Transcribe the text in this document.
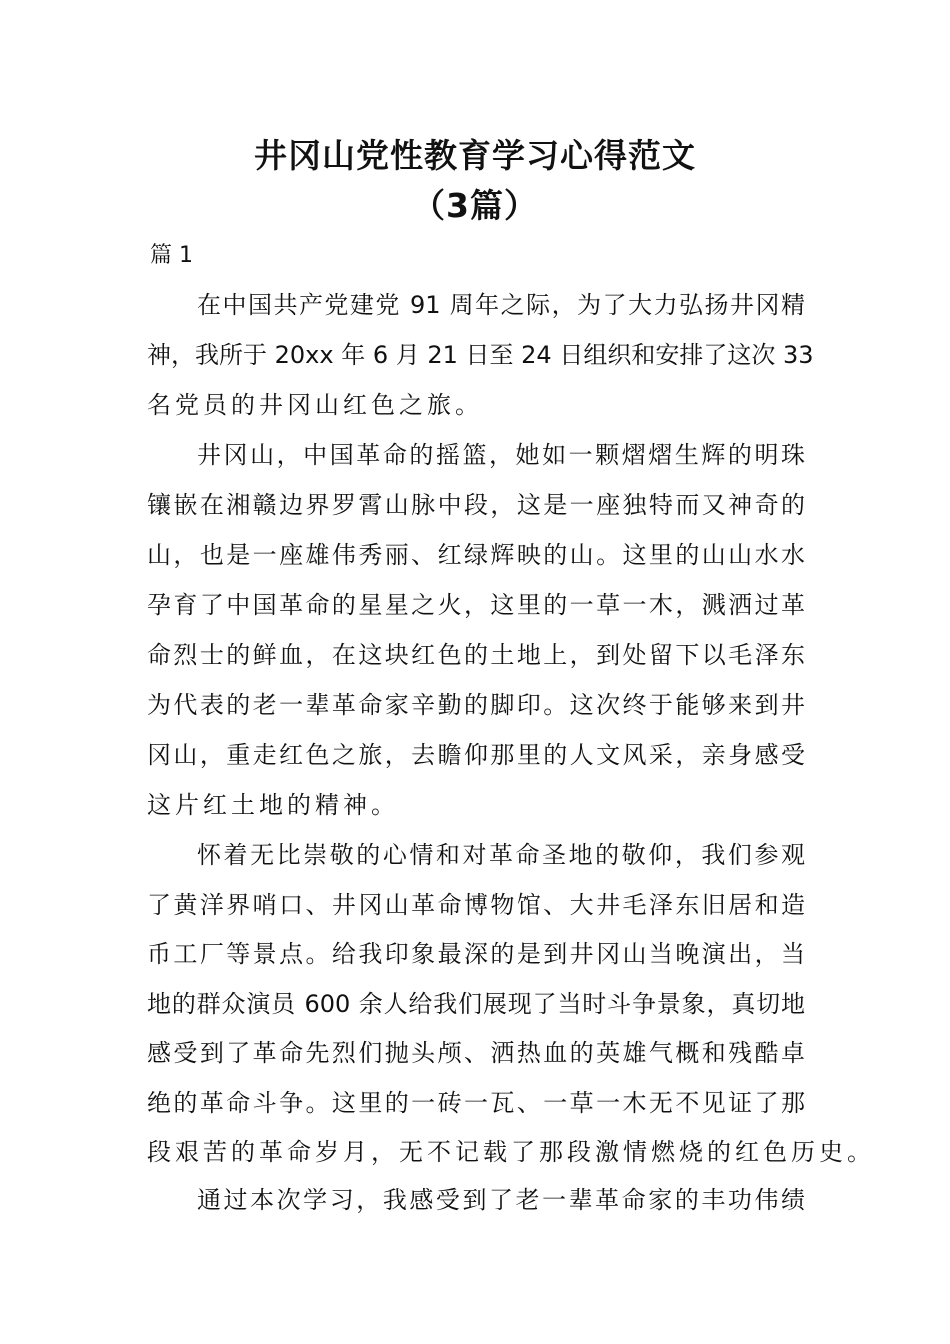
井冈山党性教育学习心得范文
（3篇）
篇 1
在中国共产党建党 91 周年之际，为了大力弘扬井冈精
神，我所于 20xx 年 6 月 21 日至 24 日组织和安排了这次 33
名党员的井冈山红色之旅。
井冈山，中国革命的摇篮，她如一颗熠熠生辉的明珠
镶嵌在湘赣边界罗霄山脉中段，这是一座独特而又神奇的
山，也是一座雄伟秀丽、红绿辉映的山。这里的山山水水
孕育了中国革命的星星之火，这里的一草一木，溅洒过革
命烈士的鲜血，在这块红色的土地上，到处留下以毛泽东
为代表的老一辈革命家辛勤的脚印。这次终于能够来到井
冈山，重走红色之旅，去瞻仰那里的人文风采，亲身感受
这片红土地的精神。
怀着无比崇敬的心情和对革命圣地的敬仰，我们参观
了黄洋界哨口、井冈山革命博物馆、大井毛泽东旧居和造
币工厂等景点。给我印象最深的是到井冈山当晚演出，当
地的群众演员 600 余人给我们展现了当时斗争景象，真切地
感受到了革命先烈们抛头颅、洒热血的英雄气概和残酷卓
绝的革命斗争。这里的一砖一瓦、一草一木无不见证了那
段艰苦的革命岁月，无不记载了那段激情燃烧的红色历史。
通过本次学习，我感受到了老一辈革命家的丰功伟绩
